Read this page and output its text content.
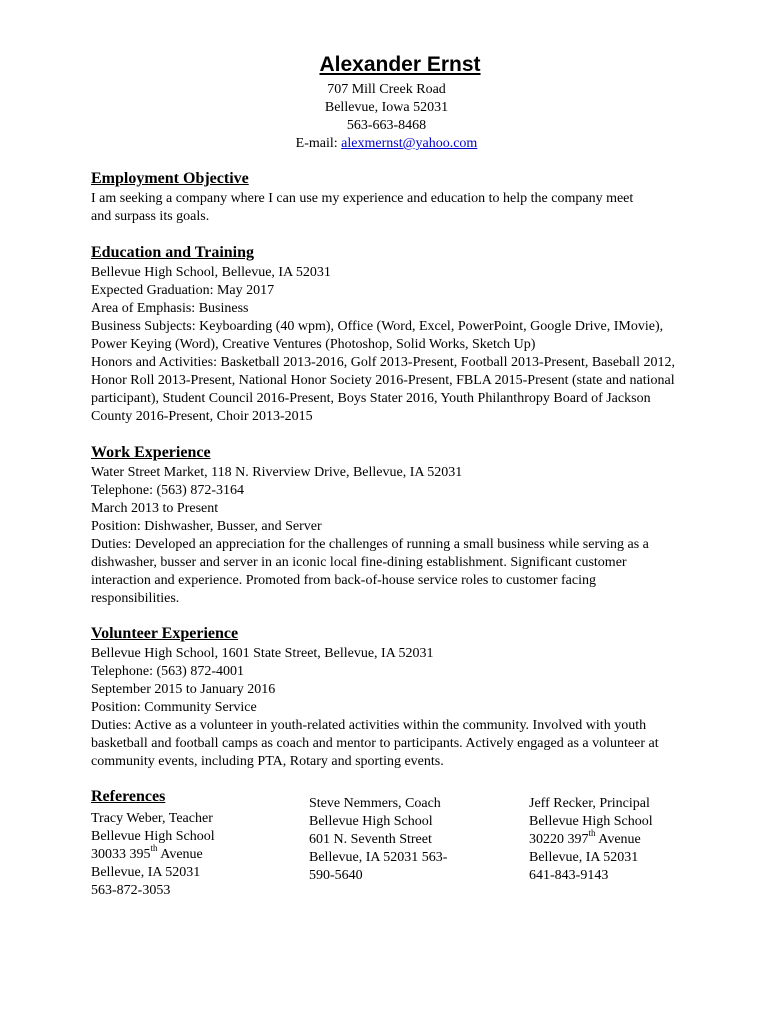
Alexander Ernst
707 Mill Creek Road
Bellevue, Iowa 52031
563-663-8468
E-mail: alexmernst@yahoo.com
Employment Objective

I am seeking a company where I can use my experience and education to help the company meet and surpass its goals.

Education and Training
Bellevue High School, Bellevue, IA 52031
Expected Graduation: May 2017
Area of Emphasis: Business

Business Subjects: Keyboarding (40 wpm), Office (Word, Excel, PowerPoint, Google Drive, IMovie), Power Keying (Word), Creative Ventures (Photoshop, Solid Works, Sketch Up)

Honors and Activities: Basketball 2013-2016, Golf 2013-Present, Football 2013-Present, Baseball 2012, Honor Roll 2013-Present, National Honor Society 2016-Present, FBLA 2015-Present (state and national participant), Student Council 2016-Present, Boys Stater 2016, Youth Philanthropy Board of Jackson County 2016-Present, Choir 2013-2015

Work Experience
Water Street Market, 118 N. Riverview Drive, Bellevue, IA 52031
Telephone: (563) 872-3164
March 2013 to Present
Position: Dishwasher, Busser, and Server

Duties: Developed an appreciation for the challenges of running a small business while serving as a dishwasher, busser and server in an iconic local fine-dining establishment. Significant customer interaction and experience. Promoted from back-of-house service roles to customer facing responsibilities.

Volunteer Experience
Bellevue High School, 1601 State Street, Bellevue, IA 52031
Telephone: (563) 872-4001
September 2015 to January 2016
Position: Community Service

Duties: Active as a volunteer in youth-related activities within the community. Involved with youth basketball and football camps as coach and mentor to participants. Actively engaged as a volunteer at community events, including PTA, Rotary and sporting events.

References
Tracy Weber, Teacher
Bellevue High School
30033 395th Avenue
Bellevue, IA 52031
563-872-3053
Steve Nemmers, Coach
Bellevue High School
601 N. Seventh Street
Bellevue, IA 52031 563-
590-5640
Jeff Recker, Principal
Bellevue High School
30220 397th Avenue
Bellevue, IA 52031
641-843-9143
